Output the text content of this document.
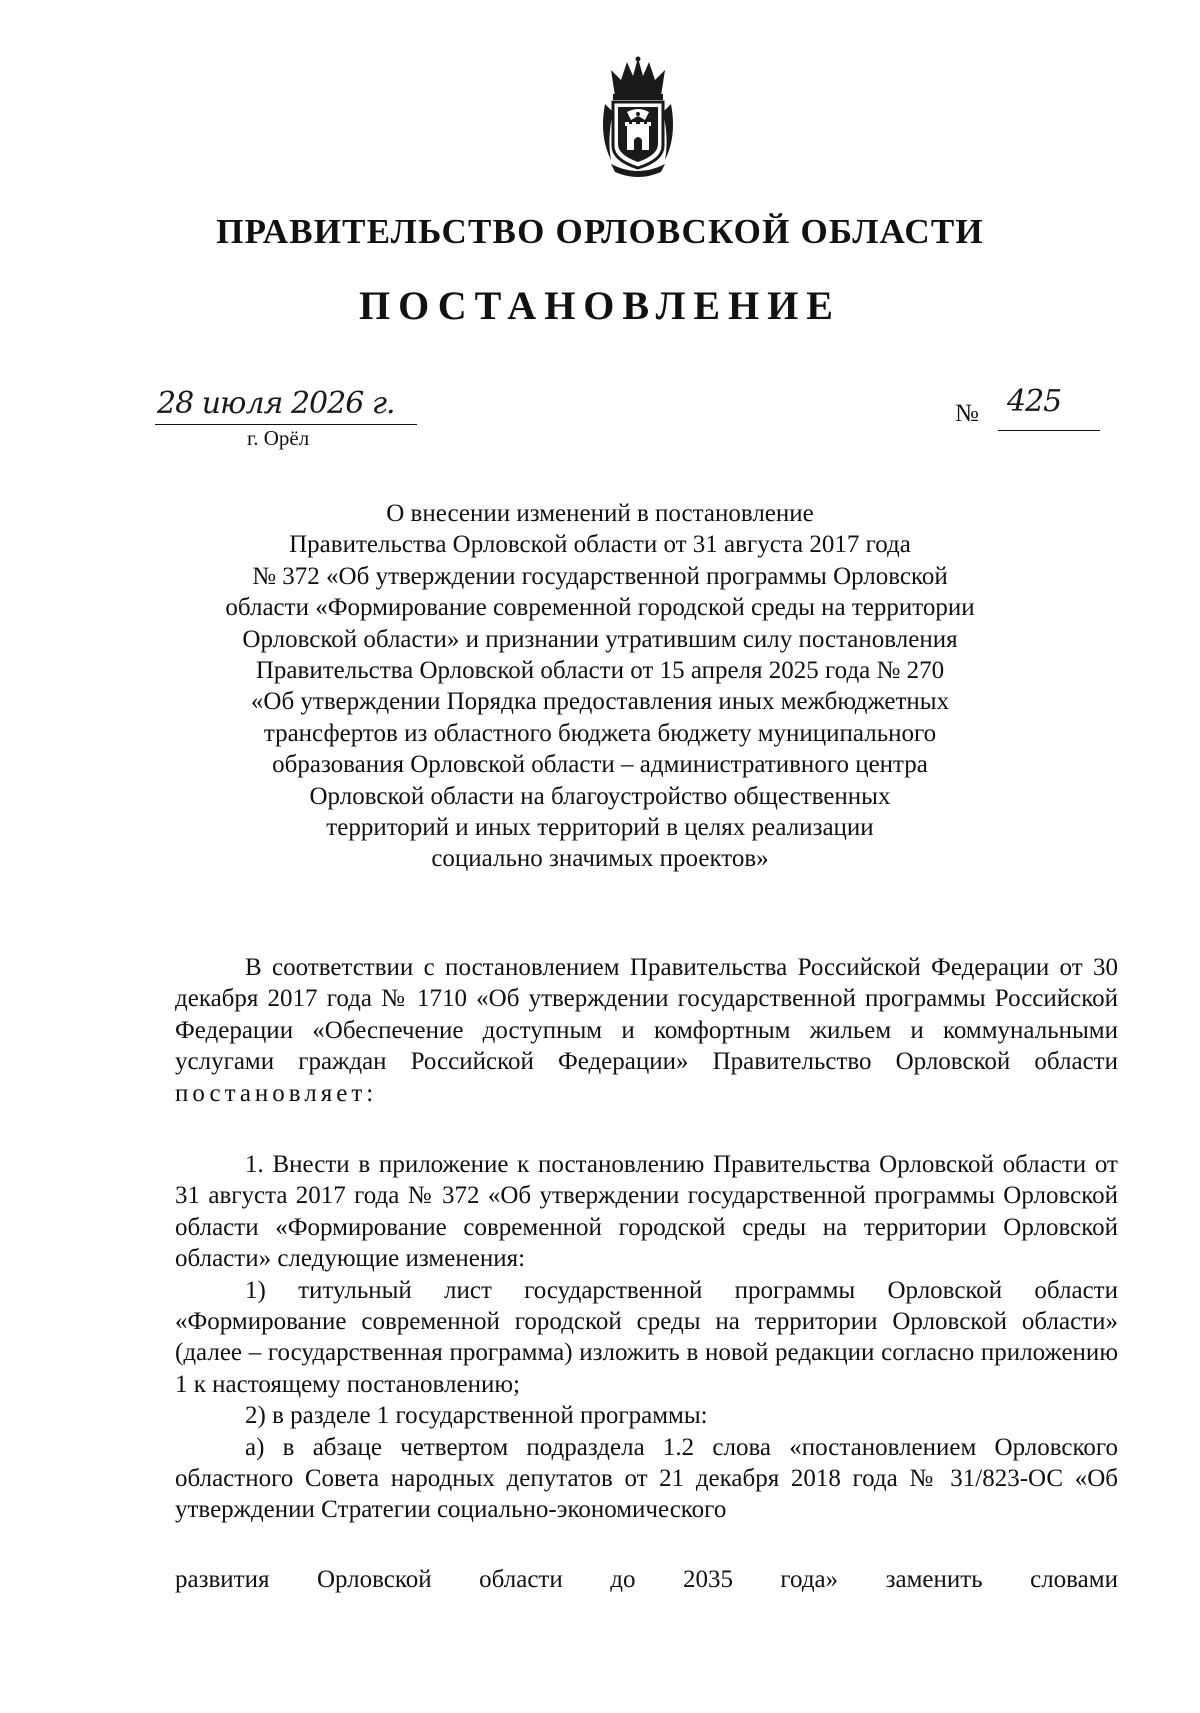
ПРАВИТЕЛЬСТВО ОРЛОВСКОЙ ОБЛАСТИ
ПОСТАНОВЛЕНИЕ
28 июля 2026 г.
г. Орёл
№ 425
О внесении изменений в постановление
Правительства Орловской области от 31 августа 2017 года
№ 372 «Об утверждении государственной программы Орловской
области «Формирование современной городской среды на территории
Орловской области» и признании утратившим силу постановления
Правительства Орловской области от 15 апреля 2025 года № 270
«Об утверждении Порядка предоставления иных межбюджетных
трансфертов из областного бюджета бюджету муниципального
образования Орловской области – административного центра
Орловской области на благоустройство общественных
территорий и иных территорий в целях реализации
социально значимых проектов»
В соответствии с постановлением Правительства Российской Федерации от 30 декабря 2017 года № 1710 «Об утверждении государственной программы Российской Федерации «Обеспечение доступным и комфортным жильем и коммунальными услугами граждан Российской Федерации» Правительство Орловской области постановляет:
1. Внести в приложение к постановлению Правительства Орловской области от 31 августа 2017 года № 372 «Об утверждении государственной программы Орловской области «Формирование современной городской среды на территории Орловской области» следующие изменения:
1) титульный лист государственной программы Орловской области «Формирование современной городской среды на территории Орловской области» (далее – государственная программа) изложить в новой редакции согласно приложению 1 к настоящему постановлению;
2) в разделе 1 государственной программы:
а) в абзаце четвертом подраздела 1.2 слова «постановлением Орловского областного Совета народных депутатов от 21 декабря 2018 года № 31/823-ОС «Об утверждении Стратегии социально-экономического
развития Орловской области до 2035 года» заменить словами
